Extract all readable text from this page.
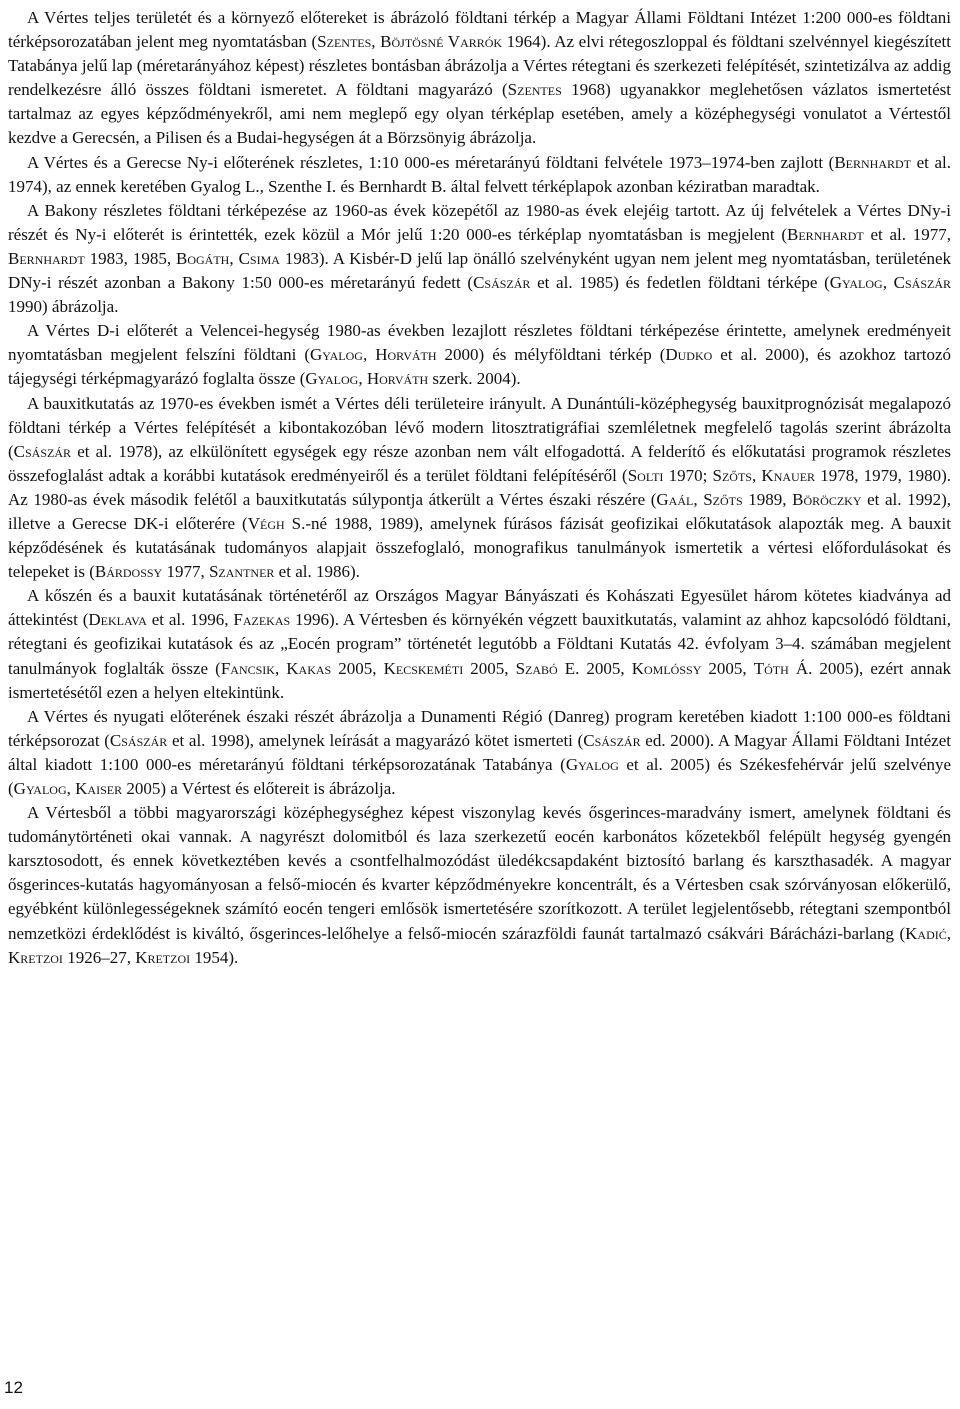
A Vértes teljes területét és a környező előtereket is ábrázoló földtani térkép a Magyar Állami Földtani Intézet 1:200 000-es földtani térképsorozatában jelent meg nyomtatásban (Szentes, Böjtösné Varrók 1964). Az elvi rétegoszloppal és földtani szelvénnyel kiegészített Tatabánya jelű lap (méretarányához képest) részletes bontásban ábrázolja a Vértes rétegtani és szerkezeti felépítését, szintetizálva az addig rendelkezésre álló összes földtani ismeretet. A földtani magyarázó (Szentes 1968) ugyanakkor meglehetősen vázlatos ismertetést tartalmaz az egyes képződményekről, ami nem meglepő egy olyan térképlap esetében, amely a középhegységi vonulatot a Vértestől kezdve a Gerecsén, a Pilisen és a Budai-hegységen át a Börzsönyig ábrázolja.

A Vértes és a Gerecse Ny-i előterének részletes, 1:10 000-es méretarányú földtani felvétele 1973–1974-ben zajlott (Bernhardt et al. 1974), az ennek keretében Gyalog L., Szenthe I. és Bernhardt B. által felvett térképlapok azonban kéziratban maradtak.

A Bakony részletes földtani térképezése az 1960-as évek közepétől az 1980-as évek elejéig tartott. Az új felvételek a Vértes DNy-i részét és Ny-i előterét is érintették, ezek közül a Mór jelű 1:20 000-es térképlap nyomtatásban is megjelent (Bernhardt et al. 1977, Bernhardt 1983, 1985, Bogáth, Csima 1983). A Kisbér-D jelű lap önálló szelvényként ugyan nem jelent meg nyomtatásban, területének DNy-i részét azonban a Bakony 1:50 000-es méretarányú fedett (Császár et al. 1985) és fedetlen földtani térképe (Gyalog, Császár 1990) ábrázolja.

A Vértes D-i előterét a Velencei-hegység 1980-as években lezajlott részletes földtani térképezése érintette, amelynek eredményeit nyomtatásban megjelent felszíni földtani (Gyalog, Horváth 2000) és mélyföldtani térkép (Dudko et al. 2000), és azokhoz tartozó tájegységi térképmagyarázó foglalta össze (Gyalog, Horváth szerk. 2004).

A bauxitkutatás az 1970-es években ismét a Vértes déli területeire irányult. A Dunántúli-középhegység bauxitprognózisát megalapozó földtani térkép a Vértes felépítését a kibontakozóban lévő modern litosztratigráfiai szemléletnek megfelelő tagolás szerint ábrázolta (Császár et al. 1978), az elkülönített egységek egy része azonban nem vált elfogadottá. A felderítő és előkutatási programok részletes összefoglalást adtak a korábbi kutatások eredményeiről és a terület földtani felépítéséről (Solti 1970; Szőts, Knauer 1978, 1979, 1980). Az 1980-as évek második felétől a bauxitkutatás súlypontja átkerült a Vértes északi részére (Gaál, Szőts 1989, Böröczky et al. 1992), illetve a Gerecse DK-i előterére (Végh S.-né 1988, 1989), amelynek fúrásos fázisát geofizikai előkutatások alapozták meg. A bauxit képződésének és kutatásának tudományos alapjait összefoglaló, monografikus tanulmányok ismertetik a vértesi előfordulásokat és telepeket is (Bárdossy 1977, Szantner et al. 1986).

A kőszén és a bauxit kutatásának történetéről az Országos Magyar Bányászati és Kohászati Egyesület három kötetes kiadványa ad áttekintést (Deklava et al. 1996, Fazekas 1996). A Vértesben és környékén végzett bauxitkutatás, valamint az ahhoz kapcsolódó földtani, rétegtani és geofizikai kutatások és az „Eocén program” történetét legutóbb a Földtani Kutatás 42. évfolyam 3–4. számában megjelent tanulmányok foglalták össze (Fancsik, Kakas 2005, Kecskeméti 2005, Szabó E. 2005, Komlóssy 2005, Tóth Á. 2005), ezért annak ismertetésétől ezen a helyen eltekintünk.

A Vértes és nyugati előterének északi részét ábrázolja a Dunamenti Régió (Danreg) program keretében kiadott 1:100 000-es földtani térképsorozat (Császár et al. 1998), amelynek leírását a magyarázó kötet ismerteti (Császár ed. 2000). A Magyar Állami Földtani Intézet által kiadott 1:100 000-es méretarányú földtani térképsorozatának Tatabánya (Gyalog et al. 2005) és Székesfehérvár jelű szelvénye (Gyalog, Kaiser 2005) a Vértest és előtereit is ábrázolja.

A Vértesből a többi magyarországi középhegységhez képest viszonylag kevés ősgerinces-maradvány ismert, amelynek földtani és tudománytörténeti okai vannak. A nagyrészt dolomitból és laza szerkezetű eocén karbonátos kőzetekből felépült hegység gyengén karsztosodott, és ennek következtében kevés a csontfelhalmozódást üledékcsapdaként biztosító barlang és karszthasadék. A magyar ősgerinces-kutatás hagyományosan a felső-miocén és kvarter képződményekre koncentrált, és a Vértesben csak szórványosan előkerülő, egyébként különlegességeknek számító eocén tengeri emlősök ismertetésére szorítkozott. A terület legjelentősebb, rétegtani szempontból nemzetközi érdeklődést is kiváltó, ősgerinces-lelőhelye a felső-miocén szárazföldi faunát tartalmazó csákvári Bárácházi-barlang (Kadić, Kretzoi 1926–27, Kretzoi 1954).

12
